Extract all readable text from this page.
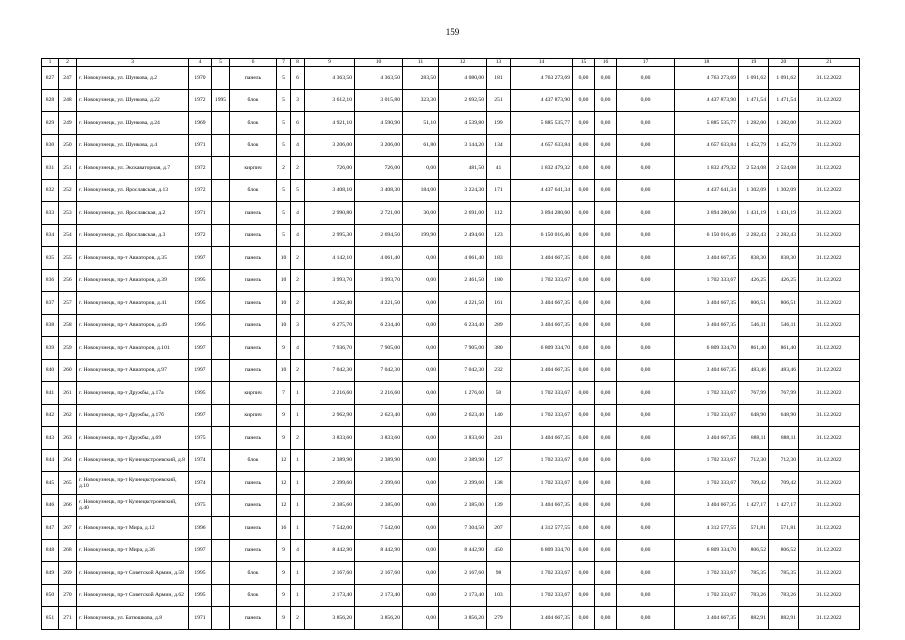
159
1	2	3	4	5	6	7	8	9	10	11	12	13	14	15	16	17	18	19	20	21
827	247	г. Новокузнецк, ул. Шункова, д.2	1970		панель	5	6	4 363,50	4 363,50	283,50	4 080,00	181	4 763 273,69	0,00	0,00	0,00	4 763 273,69	1 091,62	1 091,62	31.12.2022
828	248	г. Новокузнецк, ул. Шункова, д.22	1972	1995	блок	5	3	3 612,10	3 015,80	323,30	2 692,50	251	4 437 873,90	0,00	0,00	0,00	4 437 873,90	1 471,54	1 471,54	31.12.2022
829	249	г. Новокузнецк, ул. Шункова, д.24	1969		блок	5	6	4 921,10	4 590,90	51,10	4 539,80	199	5 885 535,77	0,00	0,00	0,00	5 885 535,77	1 282,00	1 282,00	31.12.2022
830	250	г. Новокузнецк, ул. Шункова, д.4	1971		блок	5	4	3 206,00	3 206,00	61,80	3 144,20	134	4 657 633,84	0,00	0,00	0,00	4 657 633,84	1 452,79	1 452,79	31.12.2022
831	251	г. Новокузнецк, ул. Экскаваторная, д.7	1972		кирпич	2	2	726,00	726,00	0,00	481,50	41	1 832 479,32	0,00	0,00	0,00	1 832 479,32	2 524,08	2 524,08	31.12.2022
832	252	г. Новокузнецк, ул. Ярославская, д.13	1972		блок	5	5	3 408,10	3 408,30	184,00	3 224,30	171	4 437 641,34	0,00	0,00	0,00	4 437 641,34	1 302,09	1 302,09	31.12.2022
833	253	г. Новокузнецк, ул. Ярославская, д.2	1971		панель	5	4	2 990,80	2 721,00	30,00	2 691,00	112	3 894 280,60	0,00	0,00	0,00	3 894 280,60	1 431,19	1 431,19	31.12.2022
834	254	г. Новокузнецк, ул. Ярославская, д.3	1972		панель	5	4	2 995,30	2 694,50	199,90	2 494,60	123	6 150 016,46	0,00	0,00	0,00	6 150 016,46	2 282,43	2 282,43	31.12.2022
835	255	г. Новокузнецк, пр-т Авиаторов, д.35	1997		панель	10	2	4 142,10	4 061,40	0,00	4 061,40	183	3 404 667,35	0,00	0,00	0,00	3 404 667,35	838,30	838,30	31.12.2022
836	256	г. Новокузнецк, пр-т Авиаторов, д.39	1995		панель	10	2	3 993,70	3 993,70	0,00	2 461,50	180	1 702 333,67	0,00	0,00	0,00	1 702 333,67	426,25	426,25	31.12.2022
837	257	г. Новокузнецк, пр-т Авиаторов, д.41	1995		панель	10	2	4 262,40	4 221,50	0,00	4 221,50	161	3 404 667,35	0,00	0,00	0,00	3 404 667,35	806,51	806,51	31.12.2022
838	258	г. Новокузнецк, пр-т Авиаторов, д.49	1995		панель	10	3	6 275,70	6 234,40	0,00	6 234,40	289	3 404 667,35	0,00	0,00	0,00	3 404 667,35	546,11	546,11	31.12.2022
839	259	г. Новокузнецк, пр-т Авиаторов, д.101	1997		панель	9	4	7 936,70	7 905,00	0,00	7 905,00	380	6 809 334,70	0,00	0,00	0,00	6 809 334,70	861,40	861,40	31.12.2022
840	260	г. Новокузнецк, пр-т Авиаторов, д.97	1997		панель	10	2	7 042,30	7 042,30	0,00	7 042,30	232	3 404 667,35	0,00	0,00	0,00	3 404 667,35	483,46	483,46	31.12.2022
841	261	г. Новокузнецк, пр-т Дружбы, д.17а	1995		кирпич	7	1	2 216,60	2 216,60	0,00	1 276,60	50	1 702 333,67	0,00	0,00	0,00	1 702 333,67	767,99	767,99	31.12.2022
842	262	г. Новокузнецк, пр-т Дружбы, д.17б	1997		кирпич	9	1	2 962,90	2 623,40	0,00	2 623,40	140	1 702 333,67	0,00	0,00	0,00	1 702 333,67	648,90	648,90	31.12.2022
843	263	г. Новокузнецк, пр-т Дружбы, д.69	1975		панель	9	2	3 833,60	3 833,60	0,00	3 833,60	241	3 404 667,35	0,00	0,00	0,00	3 404 667,35	888,11	888,11	31.12.2022
844	264	г. Новокузнецк, пр-т Кузнецкстроевский, д.8	1974		блок	12	1	2 389,90	2 389,90	0,00	2 389,90	127	1 702 333,67	0,00	0,00	0,00	1 702 333,67	712,30	712,30	31.12.2022
845	265	г. Новокузнецк, пр-т Кузнецкстроевский, д.10	1974		панель	12	1	2 399,60	2 399,60	0,00	2 399,60	138	1 702 333,67	0,00	0,00	0,00	1 702 333,67	709,42	709,42	31.12.2022
846	266	г. Новокузнецк, пр-т Кузнецкстроевский, д.40	1975		панель	12	1	2 385,60	2 385,00	0,00	2 385,00	139	3 404 667,35	0,00	0,00	0,00	3 404 667,35	1 427,17	1 427,17	31.12.2022
847	267	г. Новокузнецк, пр-т Мира, д.12	1996		панель	16	1	7 542,00	7 542,00	0,00	7 304,50	207	4 312 577,55	0,00	0,00	0,00	4 312 577,55	571,81	571,81	31.12.2022
848	268	г. Новокузнецк, пр-т Мира, д.36	1997		панель	9	4	8 442,90	8 442,90	0,00	8 442,90	450	6 809 334,70	0,00	0,00	0,00	6 809 334,70	806,52	806,52	31.12.2022
849	269	г. Новокузнецк, пр-т Советской Армии, д.58	1995		блок	9	1	2 167,60	2 167,60	0,00	2 167,60	98	1 702 333,67	0,00	0,00	0,00	1 702 333,67	785,35	785,35	31.12.2022
850	270	г. Новокузнецк, пр-т Советской Армии, д.62	1995		блок	9	1	2 173,40	2 173,40	0,00	2 173,40	103	1 702 333,67	0,00	0,00	0,00	1 702 333,67	783,26	783,26	31.12.2022
851	271	г. Новокузнецк, ул. Батюшкова, д.8	1971		панель	9	2	3 856,20	3 856,20	0,00	3 856,20	279	3 404 667,35	0,00	0,00	0,00	3 404 667,35	882,91	882,91	31.12.2022
